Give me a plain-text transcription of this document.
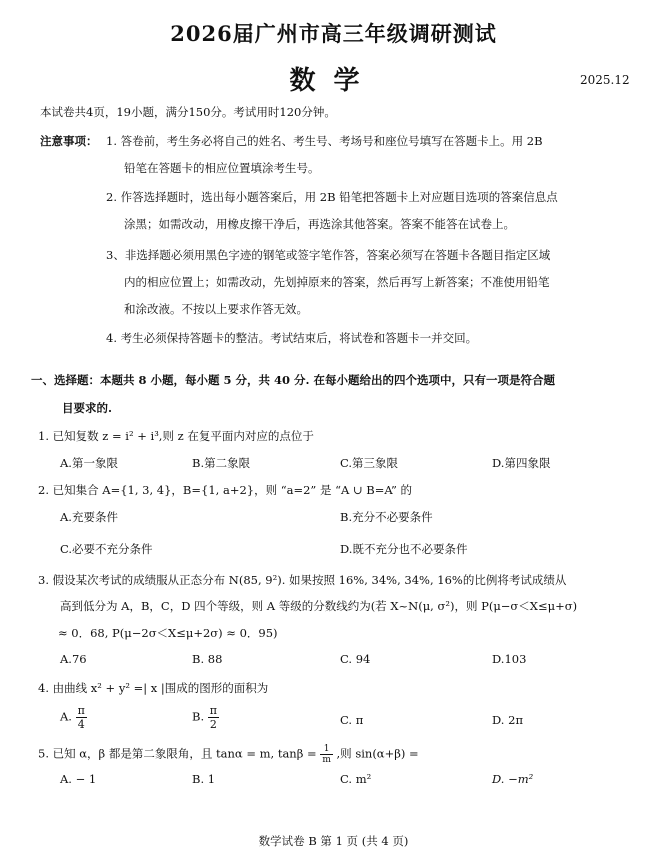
2026届广州市高三年级调研测试
数学	2025.12
本试卷共4页，19小题，满分150分。考试用时120分钟。
注意事项： 1. 答卷前，考生务必将自己的姓名、考生号、考场号和座位号填写在答题卡上。用 2B
铅笔在答题卡的相应位置填涂考生号。
2. 作答选择题时，选出每小题答案后，用 2B 铅笔把答题卡上对应题目选项的答案信息点
涂黑；如需改动，用橡皮擦干净后，再选涂其他答案。答案不能答在试卷上。
3、非选择题必须用黑色字迹的钢笔或签字笔作答，答案必须写在答题卡各题目指定区域
内的相应位置上；如需改动，先划掉原来的答案，然后再写上新答案；不准使用铅笔
和涂改液。不按以上要求作答无效。
4. 考生必须保持答题卡的整洁。考试结束后，将试卷和答题卡一并交回。
一、选择题：本题共 8 小题，每小题 5 分，共 40 分. 在每小题给出的四个选项中，只有一项是符合题
目要求的.
1. 已知复数 z = i² + i³,则 z 在复平面内对应的点位于
A.第一象限	B.第二象限	C.第三象限	D.第四象限
2. 已知集合 A={1, 3, 4}，B={1, a+2}，则 “a=2” 是 “A ∪ B=A” 的
A.充要条件	B.充分不必要条件
C.必要不充分条件	D.既不充分也不必要条件
3. 假设某次考试的成绩服从正态分布 N(85, 9²). 如果按照 16%, 34%, 34%, 16%的比例将考试成绩从
高到低分为 A，B，C，D 四个等级，则 A 等级的分数线约为(若 X~N(μ, σ²)，则 P(μ−σ＜X≤μ+σ)
≈ 0．68, P(μ−2σ＜X≤μ+2σ) ≈ 0．95)
A.76	B. 88	C. 94	D.103
4. 由曲线 x² + y² =| x |围成的图形的面积为
A. $\frac{\pi}{4}$	B. $\frac{\pi}{2}$	C. π	D. 2π
5. 已知 α，β 都是第二象限角，且 tanα = m, $\tan\beta = \frac{1}{m}$ ,则 sin(α+β) =
A. − 1	B. 1	C. m²	D. −m²
数学试卷 B 第 1 页 (共 4 页)
